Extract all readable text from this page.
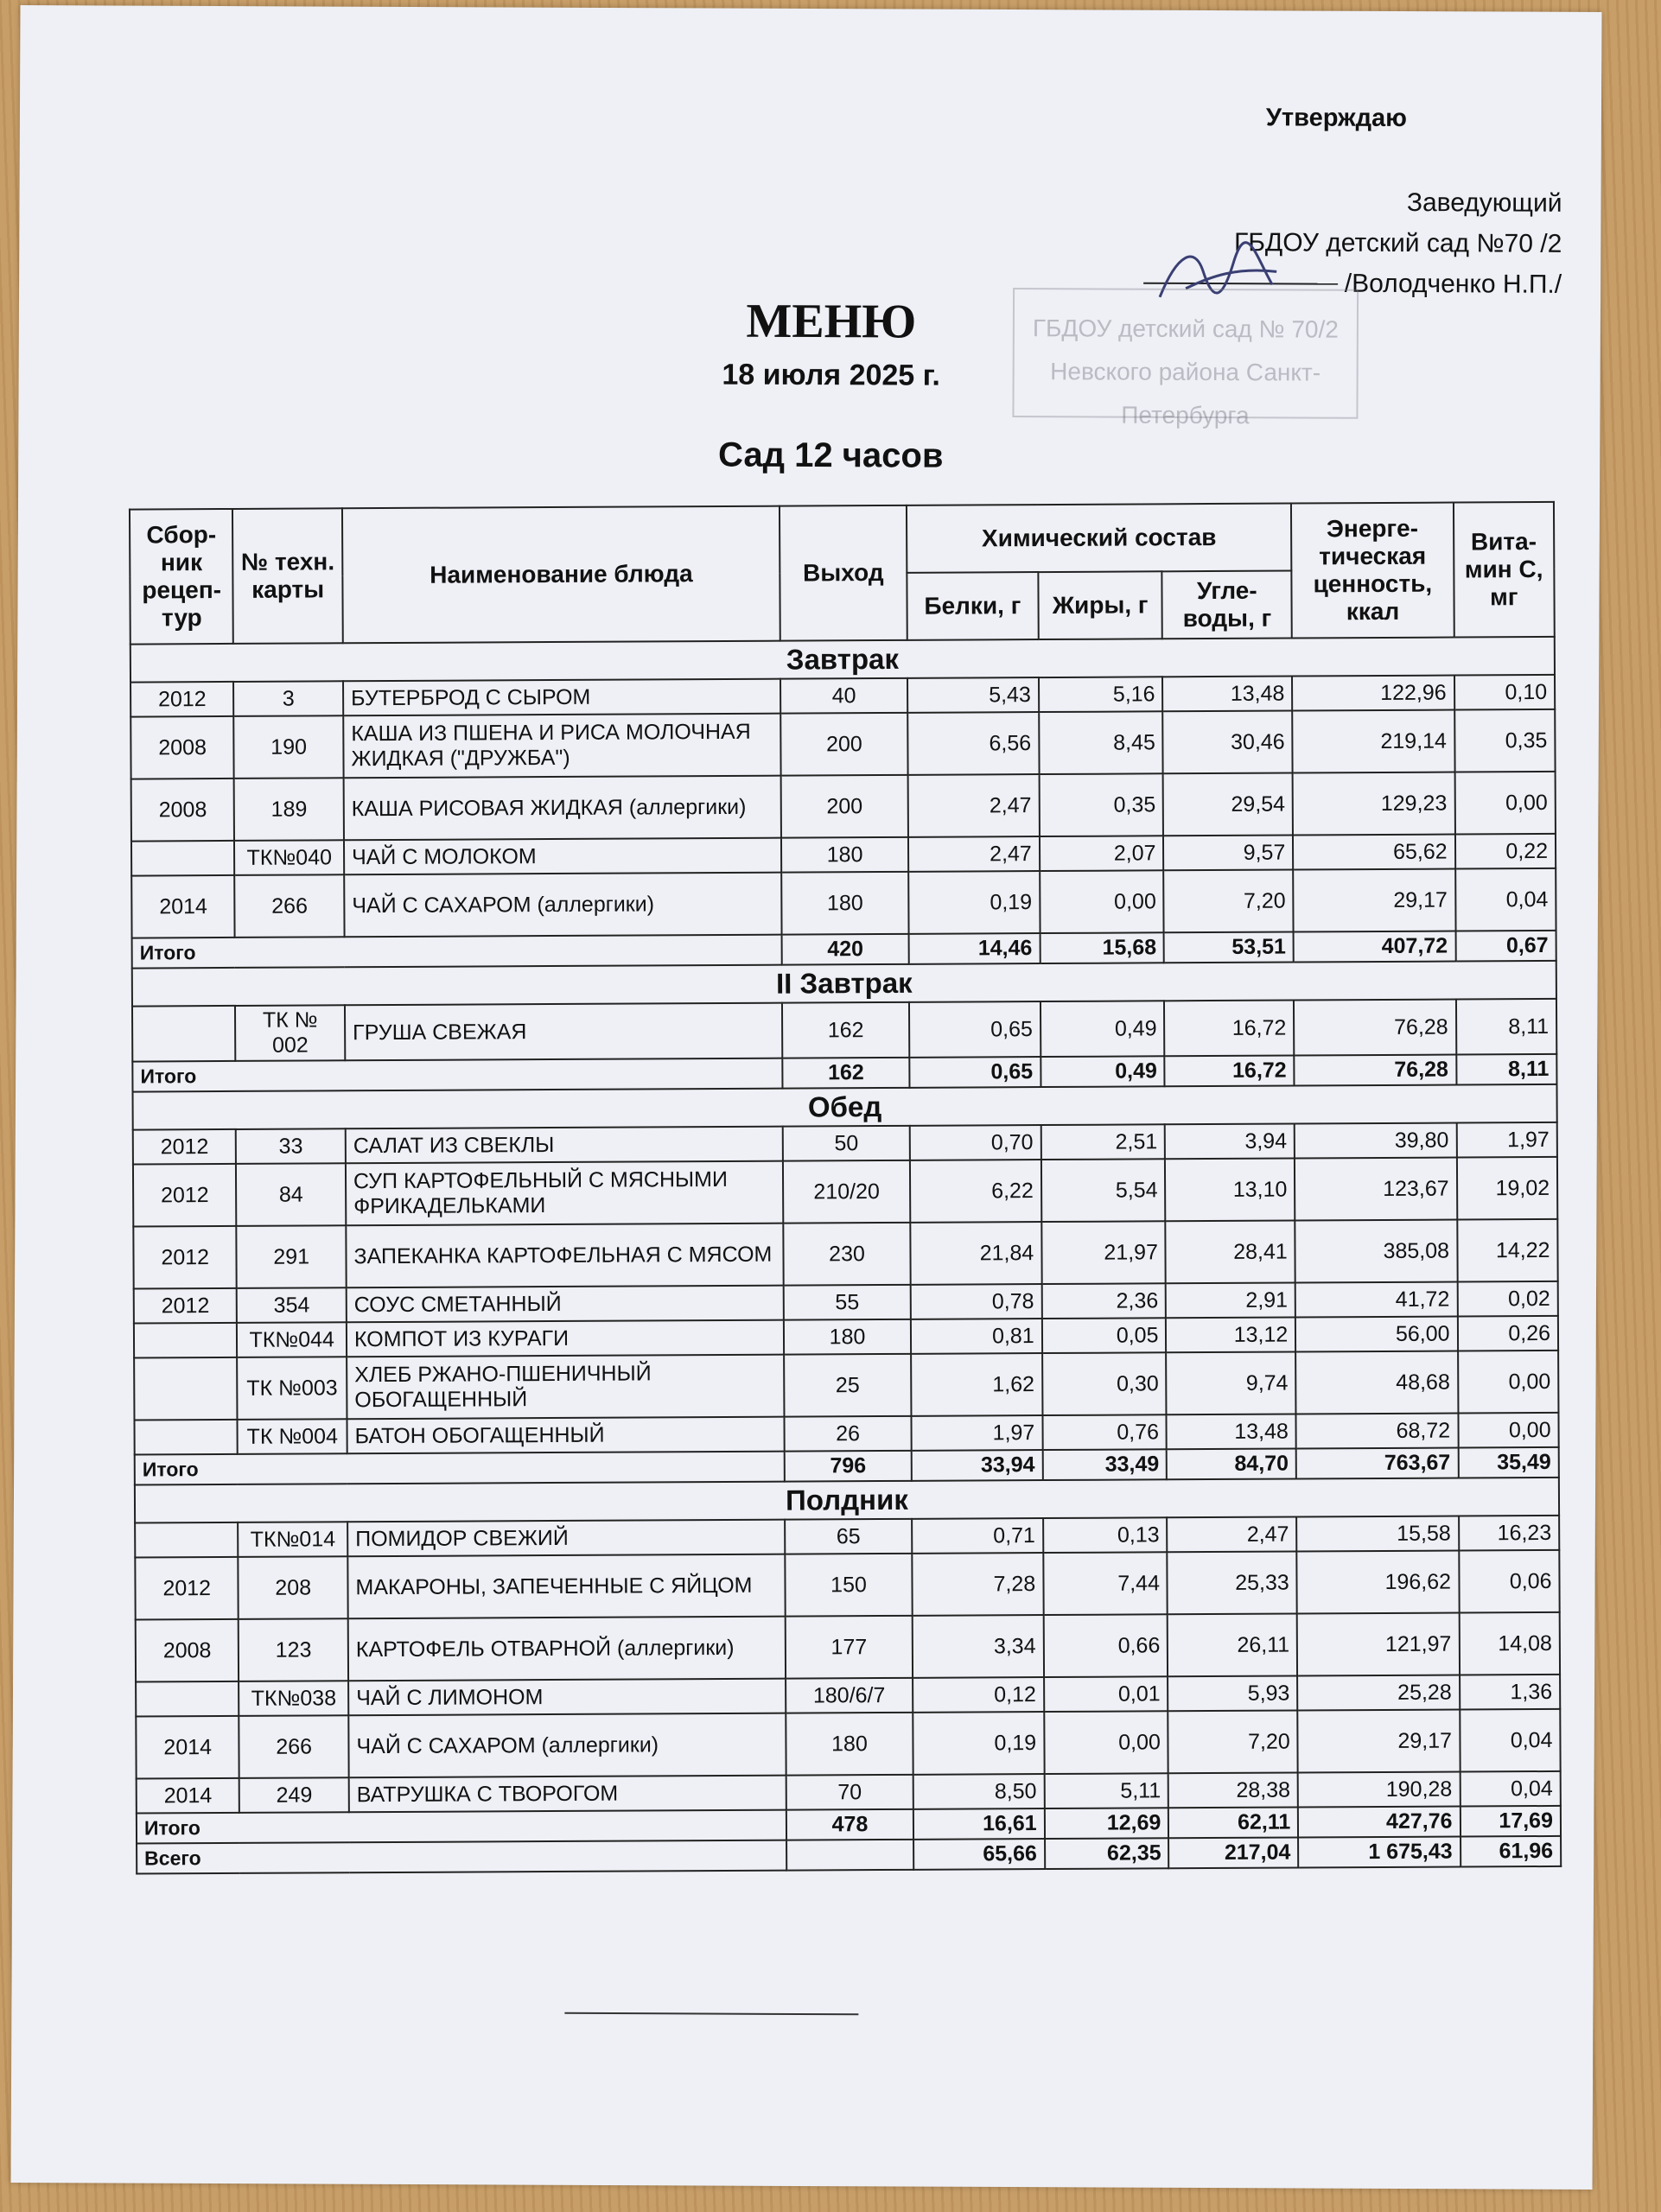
Утверждаю
Заведующий
ГБДОУ детский сад №70 /2
/Володченко Н.П./
ГБДОУ детский сад № 70/2
Невского района Санкт-Петербурга
МЕНЮ
18 июля 2025 г.
Сад 12 часов
Сбор-ник рецеп-тур	№ техн. карты	Наименование блюда	Выход	Химический состав			Энерге-тическая ценность, ккал	Вита-мин С, мг
				Белки, г	Жиры, г	Угле-воды, г		
Завтрак								
2012	3	БУТЕРБРОД С СЫРОМ	40	5,43	5,16	13,48	122,96	0,10
2008	190	КАША ИЗ ПШЕНА И РИСА МОЛОЧНАЯ ЖИДКАЯ ("ДРУЖБА")	200	6,56	8,45	30,46	219,14	0,35
2008	189	КАША РИСОВАЯ ЖИДКАЯ (аллергики)	200	2,47	0,35	29,54	129,23	0,00
	ТК№040	ЧАЙ С МОЛОКОМ	180	2,47	2,07	9,57	65,62	0,22
2014	266	ЧАЙ С САХАРОМ (аллергики)	180	0,19	0,00	7,20	29,17	0,04
Итого			420	14,46	15,68	53,51	407,72	0,67
II Завтрак								
	ТК № 002	ГРУША СВЕЖАЯ	162	0,65	0,49	16,72	76,28	8,11
Итого			162	0,65	0,49	16,72	76,28	8,11
Обед								
2012	33	САЛАТ ИЗ СВЕКЛЫ	50	0,70	2,51	3,94	39,80	1,97
2012	84	СУП КАРТОФЕЛЬНЫЙ С МЯСНЫМИ ФРИКАДЕЛЬКАМИ	210/20	6,22	5,54	13,10	123,67	19,02
2012	291	ЗАПЕКАНКА КАРТОФЕЛЬНАЯ С МЯСОМ	230	21,84	21,97	28,41	385,08	14,22
2012	354	СОУС СМЕТАННЫЙ	55	0,78	2,36	2,91	41,72	0,02
	ТК№044	КОМПОТ ИЗ КУРАГИ	180	0,81	0,05	13,12	56,00	0,26
	ТК №003	ХЛЕБ РЖАНО-ПШЕНИЧНЫЙ ОБОГАЩЕННЫЙ	25	1,62	0,30	9,74	48,68	0,00
	ТК №004	БАТОН ОБОГАЩЕННЫЙ	26	1,97	0,76	13,48	68,72	0,00
Итого			796	33,94	33,49	84,70	763,67	35,49
Полдник								
	ТК№014	ПОМИДОР СВЕЖИЙ	65	0,71	0,13	2,47	15,58	16,23
2012	208	МАКАРОНЫ, ЗАПЕЧЕННЫЕ С ЯЙЦОМ	150	7,28	7,44	25,33	196,62	0,06
2008	123	КАРТОФЕЛЬ ОТВАРНОЙ (аллергики)	177	3,34	0,66	26,11	121,97	14,08
	ТК№038	ЧАЙ С ЛИМОНОМ	180/6/7	0,12	0,01	5,93	25,28	1,36
2014	266	ЧАЙ С САХАРОМ (аллергики)	180	0,19	0,00	7,20	29,17	0,04
2014	249	ВАТРУШКА С ТВОРОГОМ	70	8,50	5,11	28,38	190,28	0,04
Итого			478	16,61	12,69	62,11	427,76	17,69
Всего				65,66	62,35	217,04	1 675,43	61,96
